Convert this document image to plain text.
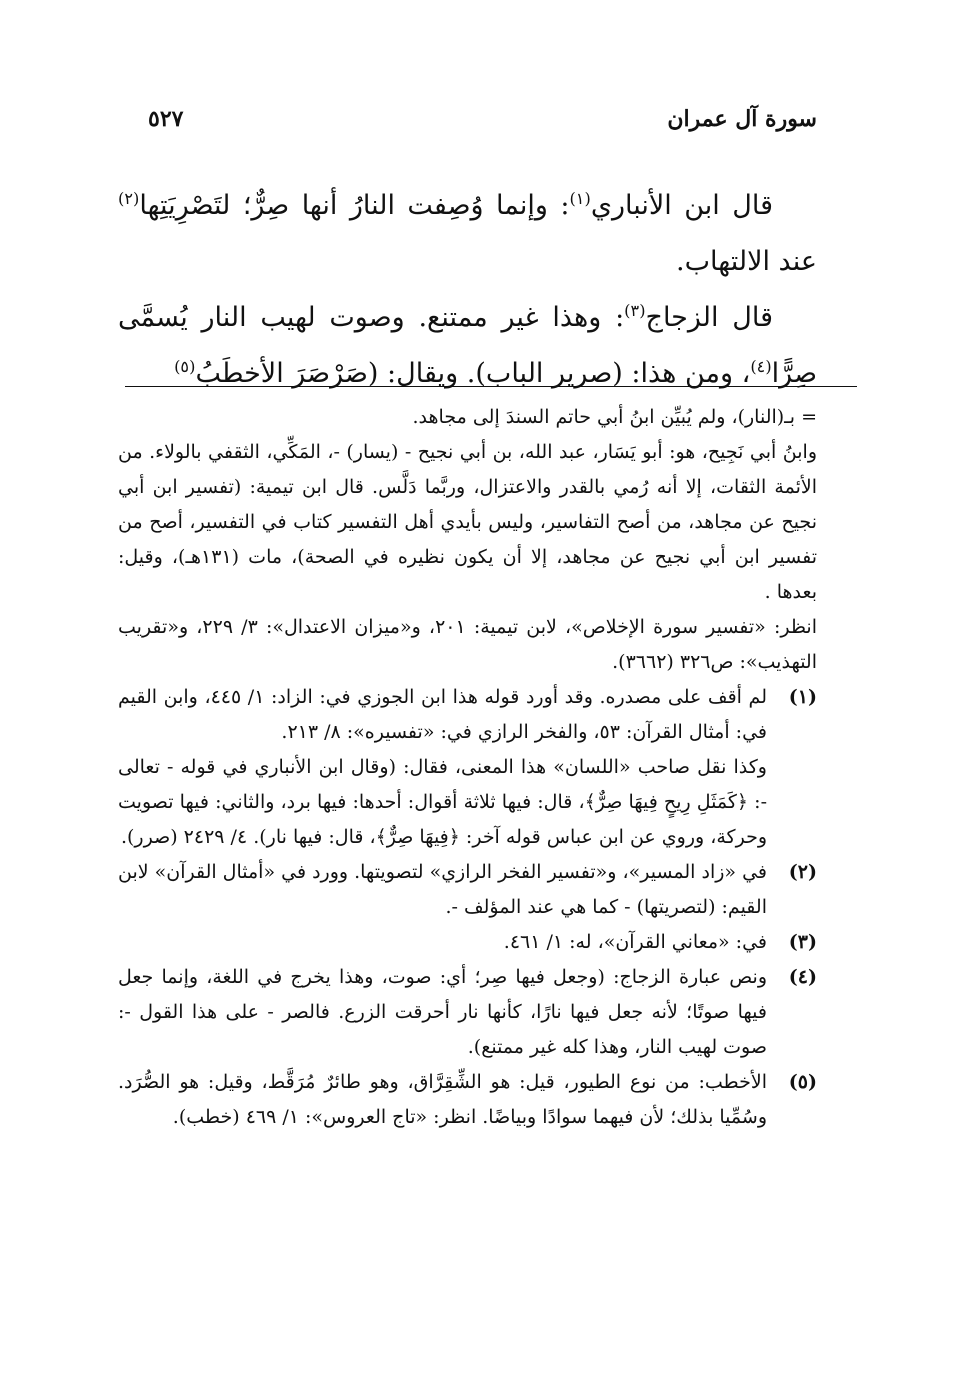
سورة آل عمران
٥٢٧

قال ابن الأنباري$^{(١)}$: وإنما وُصِفت النارُ أنها صِرٌّ؛ لتَصْرِيَتِها$^{(٢)}$ عند الالتهاب.

قال الزجاج$^{(٣)}$: وهذا غير ممتنع. وصوت لهيب النار يُسمَّى صِرًّا$^{(٤)}$، ومن هذا: (صرير الباب). ويقال: (صَرْصَرَ الأخطَبُ$^{(٥)}$

= بـ(النار)، ولم يُبيِّن ابنُ أبي حاتم السندَ إلى مجاهد.

وابنُ أبي نَجِيح، هو: أبو يَسَار، عبد الله، بن أبي نجيح - (يسار) -، المَكِّي، الثقفي بالولاء. من الأئمة الثقات، إلا أنه رُمي بالقدر والاعتزال، وربَّما دَلَّس. قال ابن تيمية: (تفسير ابن أبي نجيح عن مجاهد، من أصح التفاسير، وليس بأيدي أهل التفسير كتاب في التفسير، أصح من تفسير ابن أبي نجيح عن مجاهد، إلا أن يكون نظيره في الصحة)، مات (١٣١هـ)، وقيل: بعدها .

انظر: «تفسير سورة الإخلاص»، لابن تيمية: ٢٠١، و«ميزان الاعتدال»: ٣/ ٢٢٩، و«تقريب التهذيب»: ص٣٢٦ (٣٦٦٢).

(١)

لم أقف على مصدره. وقد أورد قوله هذا ابن الجوزي في: الزاد: ١/ ٤٤٥، وابن القيم في: أمثال القرآن: ٥٣، والفخر الرازي في: «تفسيره»: ٨/ ٢١٣.

وكذا نقل صاحب «اللسان» هذا المعنى، فقال: (وقال ابن الأنباري في قوله - تعالى -: ﴿كَمَثَلِ رِيحٍ فِيهَا صِرٌّ﴾، قال: فيها ثلاثة أقوال: أحدها: فيها برد، والثاني: فيها تصويت وحركة، وروي عن ابن عباس قوله آخر: ﴿فِيهَا صِرٌّ﴾، قال: فيها نار). ٤/ ٢٤٢٩ (صرر).

(٢)

في «زاد المسير»، و«تفسير الفخر الرازي» لتصويتها. وورد في «أمثال القرآن» لابن القيم: (لتصريتها) - كما هي عند المؤلف -.

(٣)

في: «معاني القرآن»، له: ١/ ٤٦١.

(٤)

ونص عبارة الزجاج: (وجعل فيها صِر؛ أي: صوت، وهذا يخرج في اللغة، وإنما جعل فيها صوتًا؛ لأنه جعل فيها نارًا، كأنها نار أحرقت الزرع. فالصر - على هذا القول -: صوت لهيب النار، وهذا كله غير ممتنع).

(٥)

الأخطب: من نوع الطيور، قيل: هو الشِّقِرَّاق، وهو طائرٌ مُرَقَّط، وقيل: هو الصُّرَد. وسُمِّيا بذلك؛ لأن فيهما سوادًا وبياضًا. انظر: «تاج العروس»: ١/ ٤٦٩ (خطب).
